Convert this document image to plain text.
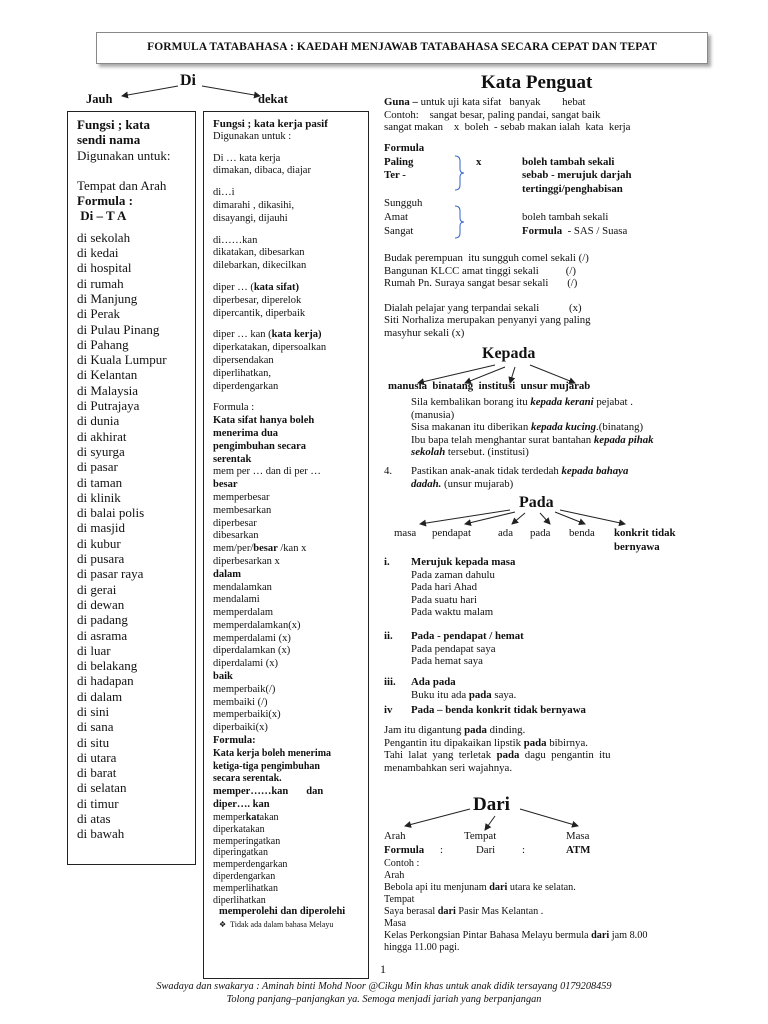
FORMULA TATABAHASA : KAEDAH MENJAWAB TATABAHASA SECARA CEPAT DAN TEPAT
Di
Jauh	dekat
Fungsi ; kata sendi nama
Digunakan untuk:
Tempat dan Arah
Formula :
Di – T A
di sekolah
di kedai
di hospital
di rumah
di Manjung
di Perak
di Pulau Pinang
di Pahang
di Kuala Lumpur
di Kelantan
di Malaysia
di Putrajaya
di dunia
di akhirat
di syurga
di pasar
di taman
di klinik
di balai polis
di masjid
di kubur
di pusara
di pasar raya
di gerai
di dewan
di padang
di asrama
di luar
di belakang
di hadapan
di dalam
di sini
di sana
di situ
di utara
di barat
di selatan
di timur
di atas
di bawah
Fungsi ; kata kerja pasif
Digunakan untuk :
Di … kata kerja
dimakan, dibaca, diajar
di…i
dimarahi , dikasihi,
disayangi, dijauhi
di……kan
dikatakan, dibesarkan
dilebarkan, dikecilkan
diper … (kata sifat)
diperbesar, diperelok
dipercantik, diperbaik
diper … kan (kata kerja)
diperkatakan, dipersoalkan
dipersendakan
diperlihatkan,
diperdengarkan
Formula :
Kata sifat hanya boleh
menerima dua
pengimbuhan secara
serentak
mem per … dan di per …
besar
memperbesar
membesarkan
diperbesar
dibesarkan
mem/per/besar /kan x
diperbesarkan x
dalam
mendalamkan
mendalami
memperdalam
memperdalamkan(x)
memperdalami (x)
diperdalamkan (x)
diperdalami (x)
baik
memperbaik(/)
membaiki (/)
memperbaiki(x)
diperbaiki(x)
Formula:
Kata kerja boleh menerima
ketiga-tiga pengimbuhan
secara serentak.
memper……kan dan
diper…. kan
memperkatakan
diperkatakan
memperingatkan
diperingatkan
memperdengarkan
diperdengarkan
memperlihatkan
diperlihatkan
memperolehi dan diperolehi
❖ Tidak ada dalam bahasa Melayu
Kata Penguat
Guna – untuk uji kata sifat   banyak        hebat
Contoh:    sangat besar, paling pandai, sangat baik
sangat makan    x  boleh  - sebab makan ialah  kata  kerja
Formula
Paling
Ter -
x	boleh tambah sekali
sebab - merujuk darjah
tertinggi/penghabisan
Sungguh
Amat
Sangat
boleh tambah sekali
Formula  - SAS / Suasa
Budak perempuan  itu sungguh comel sekali (/)
Bangunan KLCC amat tinggi sekali          (/)
Rumah Pn. Suraya sangat besar sekali       (/)
Dialah pelajar yang terpandai sekali           (x)
Siti Norhaliza merupakan penyanyi yang paling
masyhur sekali (x)
Kepada
manusia  binatang  institusi  unsur mujarab
Sila kembalikan borang itu kepada kerani pejabat .
(manusia)
Sisa makanan itu diberikan kepada kucing.(binatang)
Ibu bapa telah menghantar surat bantahan kepada pihak
sekolah tersebut. (institusi)
4. Pastikan anak-anak tidak terdedah kepada bahaya
dadah. (unsur mujarab)
Pada
masa pendapat	ada pada benda konkrit tidak
bernyawa
i. Merujuk kepada masa
Pada zaman dahulu
Pada hari Ahad
Pada suatu hari
Pada waktu malam
ii. Pada - pendapat / hemat
Pada pendapat saya
Pada hemat saya
iii. Ada pada
Buku itu ada pada saya.
iv Pada – benda konkrit tidak bernyawa
Jam itu digantung pada dinding.
Pengantin itu dipakaikan lipstik pada bibirnya.
Tahi  lalat  yang  terletak  pada  dagu  pengantin  itu
menambahkan seri wajahnya.
Dari
Arah	Tempat	Masa
Formula :	Dari :	ATM
Contoh :
Arah
Bebola api itu menjunam dari utara ke selatan.
Tempat
Saya berasal dari Pasir Mas Kelantan .
Masa
Kelas Perkongsian Pintar Bahasa Melayu bermula dari jam 8.00
hingga 11.00 pagi.
1
Swadaya dan swakarya : Aminah binti Mohd Noor @Cikgu Min khas untuk anak didik tersayang 0179208459
Tolong panjang–panjangkan ya. Semoga menjadi jariah yang berpanjangan
